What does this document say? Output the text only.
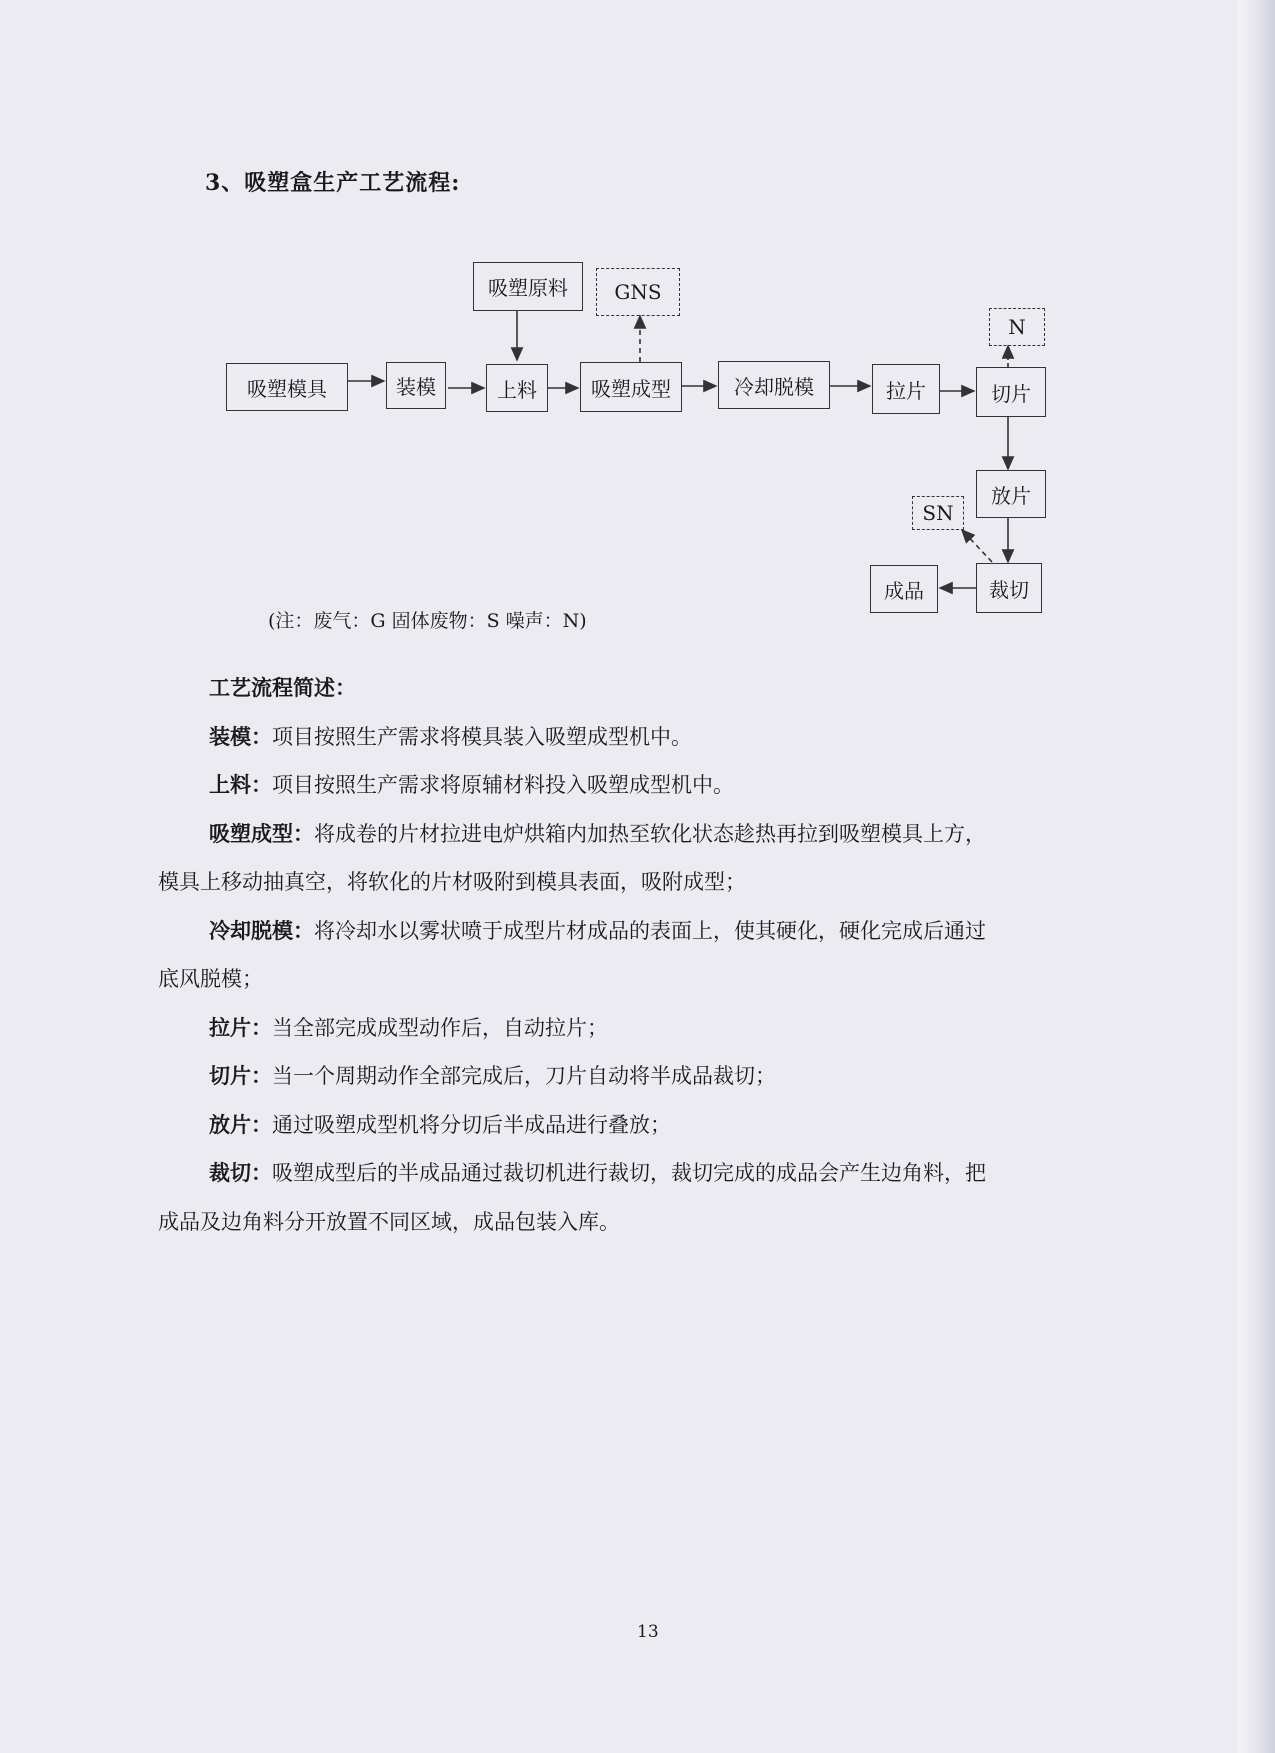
3、吸塑盒生产工艺流程:
吸塑模具
吸塑原料	GNS
装模	上料	吸塑成型	冷却脱模	拉片	切片
N
放片
SN
裁切
成品
(注：废气：G 固体废物：S 噪声：N)

工艺流程简述：

装模：项目按照生产需求将模具装入吸塑成型机中。

上料：项目按照生产需求将原辅材料投入吸塑成型机中。

吸塑成型：将成卷的片材拉进电炉烘箱内加热至软化状态趁热再拉到吸塑模具上方，

模具上移动抽真空，将软化的片材吸附到模具表面，吸附成型；

冷却脱模：将冷却水以雾状喷于成型片材成品的表面上，使其硬化，硬化完成后通过

底风脱模；

拉片：当全部完成成型动作后，自动拉片；

切片：当一个周期动作全部完成后，刀片自动将半成品裁切；

放片：通过吸塑成型机将分切后半成品进行叠放；

裁切：吸塑成型后的半成品通过裁切机进行裁切，裁切完成的成品会产生边角料，把

成品及边角料分开放置不同区域，成品包装入库。

13
